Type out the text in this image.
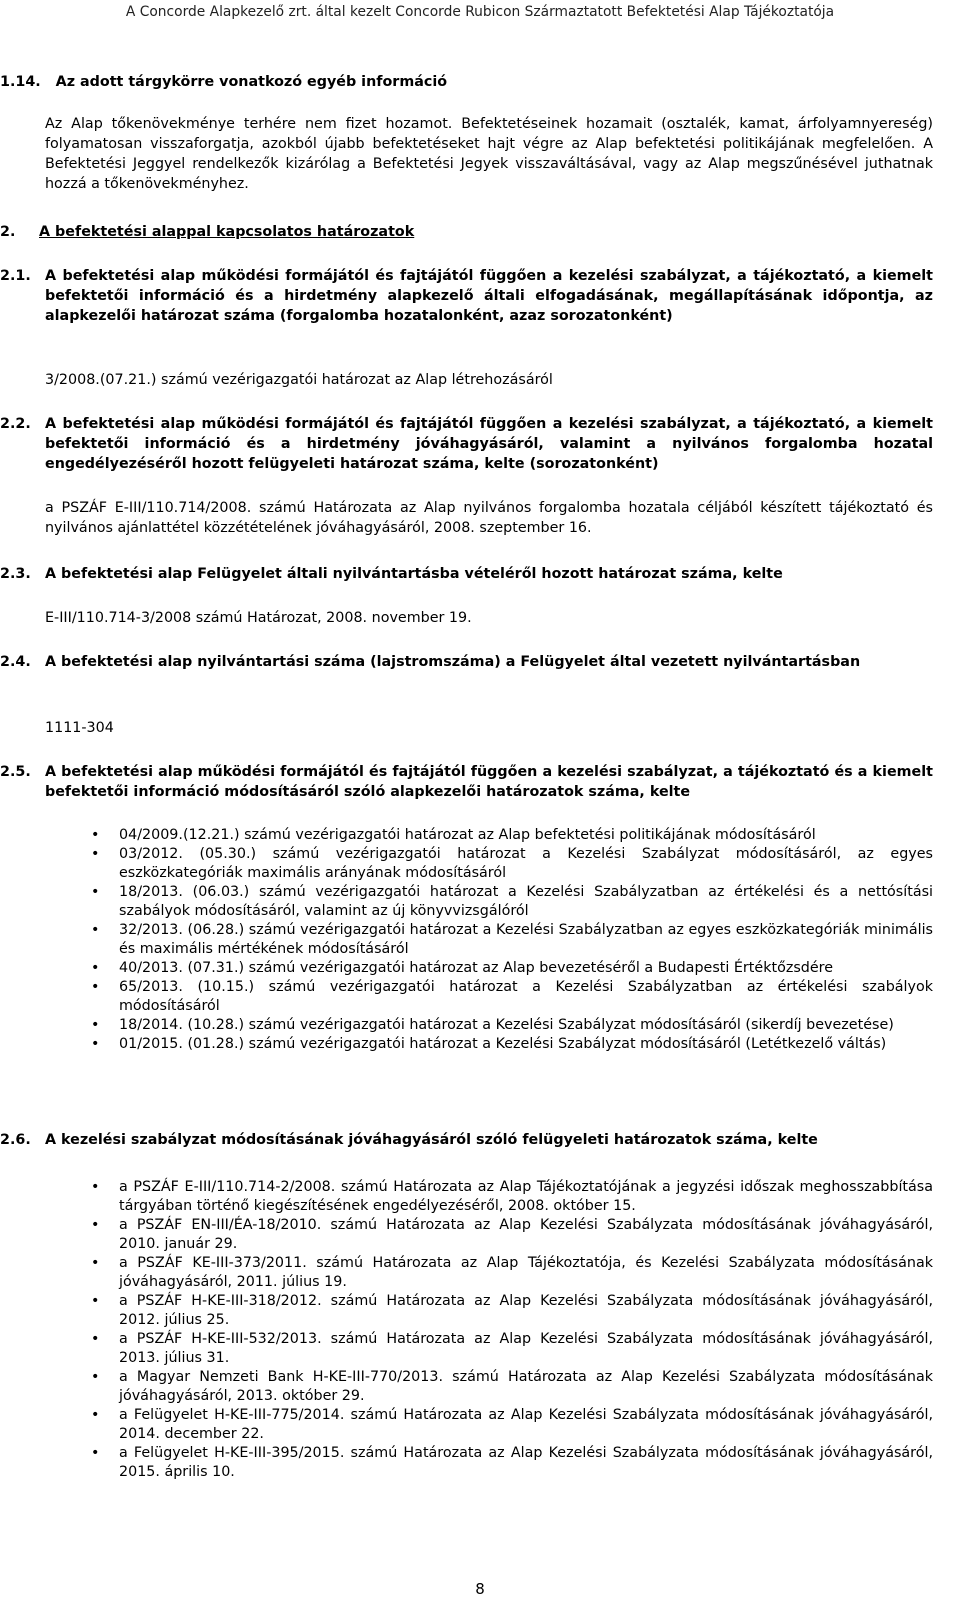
A Concorde Alapkezelő zrt. által kezelt Concorde Rubicon Származtatott Befektetési Alap Tájékoztatója
1.14.   Az adott tárgykörre vonatkozó egyéb információ
Az Alap tőkenövekménye terhére nem fizet hozamot. Befektetéseinek hozamait (osztalék, kamat, árfolyamnyereség) folyamatosan visszaforgatja, azokból újabb befektetéseket hajt végre az Alap befektetési politikájának megfelelően. A Befektetési Jeggyel rendelkezők kizárólag a Befektetési Jegyek visszaváltásával, vagy az Alap megszűnésével juthatnak hozzá a tőkenövekményhez.
2.	A befektetési alappal kapcsolatos határozatok
2.1. A befektetési alap működési formájától és fajtájától függően a kezelési szabályzat, a tájékoztató, a kiemelt befektetői információ és a hirdetmény alapkezelő általi elfogadásának, megállapításának időpontja, az alapkezelői határozat száma (forgalomba hozatalonként, azaz sorozatonként)
3/2008.(07.21.) számú vezérigazgatói határozat az Alap létrehozásáról
2.2. A befektetési alap működési formájától és fajtájától függően a kezelési szabályzat, a tájékoztató, a kiemelt befektetői információ és a hirdetmény jóváhagyásáról, valamint a nyilvános forgalomba hozatal engedélyezéséről hozott felügyeleti határozat száma, kelte (sorozatonként)
a PSZÁF E-III/110.714/2008. számú Határozata az Alap nyilvános forgalomba hozatala céljából készített tájékoztató és nyilvános ajánlattétel közzétételének jóváhagyásáról, 2008. szeptember 16.
2.3. A befektetési alap Felügyelet általi nyilvántartásba vételéről hozott határozat száma, kelte
E-III/110.714-3/2008 számú Határozat, 2008. november 19.
2.4. A befektetési alap nyilvántartási száma (lajstromszáma) a Felügyelet által vezetett nyilvántartásban
1111-304
2.5. A befektetési alap működési formájától és fajtájától függően a kezelési szabályzat, a tájékoztató és a kiemelt befektetői információ módosításáról szóló alapkezelői határozatok száma, kelte
• 04/2009.(12.21.) számú vezérigazgatói határozat az Alap befektetési politikájának módosításáról
• 03/2012. (05.30.) számú vezérigazgatói határozat a Kezelési Szabályzat módosításáról, az egyes eszközkategóriák maximális arányának módosításáról
• 18/2013. (06.03.) számú vezérigazgatói határozat a Kezelési Szabályzatban az értékelési és a nettósítási szabályok módosításáról, valamint az új könyvvizsgálóról
• 32/2013. (06.28.) számú vezérigazgatói határozat a Kezelési Szabályzatban az egyes eszközkategóriák minimális és maximális mértékének módosításáról
• 40/2013. (07.31.) számú vezérigazgatói határozat az Alap bevezetéséről a Budapesti Értéktőzsdére
• 65/2013. (10.15.) számú vezérigazgatói határozat a Kezelési Szabályzatban az értékelési szabályok módosításáról
• 18/2014. (10.28.) számú vezérigazgatói határozat a Kezelési Szabályzat módosításáról (sikerdíj bevezetése)
• 01/2015. (01.28.) számú vezérigazgatói határozat a Kezelési Szabályzat módosításáról (Letétkezelő váltás)
2.6. A kezelési szabályzat módosításának jóváhagyásáról szóló felügyeleti határozatok száma, kelte
• a PSZÁF E-III/110.714-2/2008. számú Határozata az Alap Tájékoztatójának a jegyzési időszak meghosszabbítása tárgyában történő kiegészítésének engedélyezéséről, 2008. október 15.
• a PSZÁF EN-III/ÉA-18/2010. számú Határozata az Alap Kezelési Szabályzata módosításának jóváhagyásáról, 2010. január 29.
• a PSZÁF KE-III-373/2011. számú Határozata az Alap Tájékoztatója, és Kezelési Szabályzata módosításának jóváhagyásáról, 2011. július 19.
• a PSZÁF H-KE-III-318/2012. számú Határozata az Alap Kezelési Szabályzata módosításának jóváhagyásáról, 2012. július 25.
• a PSZÁF H-KE-III-532/2013. számú Határozata az Alap Kezelési Szabályzata módosításának jóváhagyásáról, 2013. július 31.
• a Magyar Nemzeti Bank H-KE-III-770/2013. számú Határozata az Alap Kezelési Szabályzata módosításának jóváhagyásáról, 2013. október 29.
• a Felügyelet H-KE-III-775/2014. számú Határozata az Alap Kezelési Szabályzata módosításának jóváhagyásáról, 2014. december 22.
• a Felügyelet H-KE-III-395/2015. számú Határozata az Alap Kezelési Szabályzata módosításának jóváhagyásáról, 2015. április 10.
8
